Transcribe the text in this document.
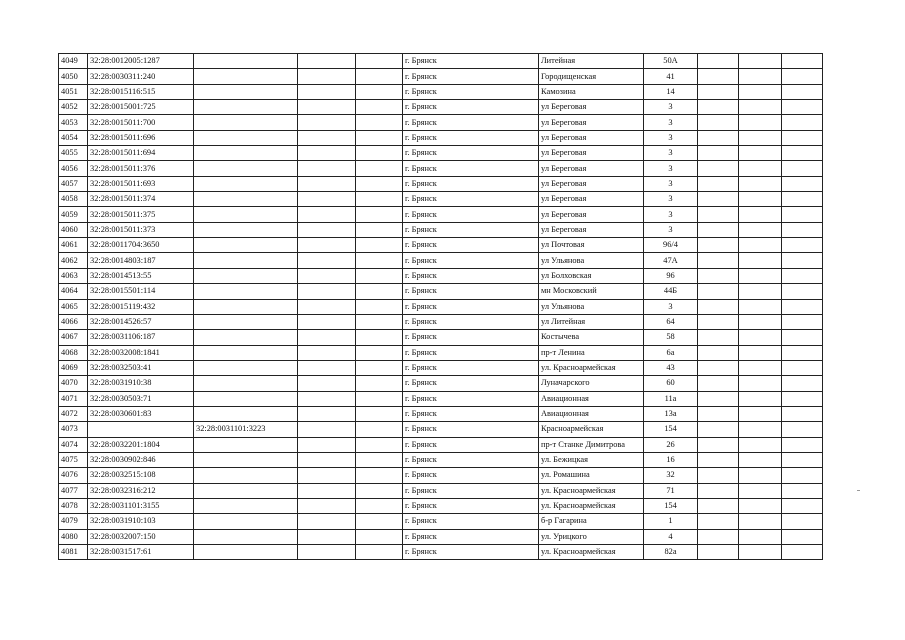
4049	32:28:0012005:1287				г. Брянск	Литейная	50А			
4050	32:28:0030311:240				г. Брянск	Городищенская	41			
4051	32:28:0015116:515				г. Брянск	Камозина	14			
4052	32:28:0015001:725				г. Брянск	ул Береговая	3			
4053	32:28:0015011:700				г. Брянск	ул Береговая	3			
4054	32:28:0015011:696				г. Брянск	ул Береговая	3			
4055	32:28:0015011:694				г. Брянск	ул Береговая	3			
4056	32:28:0015011:376				г. Брянск	ул Береговая	3			
4057	32:28:0015011:693				г. Брянск	ул Береговая	3			
4058	32:28:0015011:374				г. Брянск	ул Береговая	3			
4059	32:28:0015011:375				г. Брянск	ул Береговая	3			
4060	32:28:0015011:373				г. Брянск	ул Береговая	3			
4061	32:28:0011704:3650				г. Брянск	ул Почтовая	96/4			
4062	32:28:0014803:187				г. Брянск	ул Ульянова	47А			
4063	32:28:0014513:55				г. Брянск	ул Болховская	96			
4064	32:28:0015501:114				г. Брянск	мн Московский	44Б			
4065	32:28:0015119:432				г. Брянск	ул Ульянова	3			
4066	32:28:0014526:57				г. Брянск	ул Литейная	64			
4067	32:28:0031106:187				г. Брянск	Костычева	58			
4068	32:28:0032008:1841				г. Брянск	пр-т Ленина	6а			
4069	32:28:0032503:41				г. Брянск	ул. Красноармейская	43			
4070	32:28:0031910:38				г. Брянск	Луначарского	60			
4071	32:28:0030503:71				г. Брянск	Авиационная	11а			
4072	32:28:0030601:83				г. Брянск	Авиационная	13а			
4073		32:28:0031101:3223			г. Брянск	Красноармейская	154			
4074	32:28:0032201:1804				г. Брянск	пр-т Станке Димитрова	26			
4075	32:28:0030902:846				г. Брянск	ул. Бежицкая	16			
4076	32:28:0032515:108				г. Брянск	ул. Ромашина	32			
4077	32:28:0032316:212				г. Брянск	ул. Красноармейская	71			
4078	32:28:0031101:3155				г. Брянск	ул. Красноармейская	154			
4079	32:28:0031910:103				г. Брянск	б-р Гагарина	1			
4080	32:28:0032007:150				г. Брянск	ул. Урицкого	4			
4081	32:28:0031517:61				г. Брянск	ул. Красноармейская	82а			
